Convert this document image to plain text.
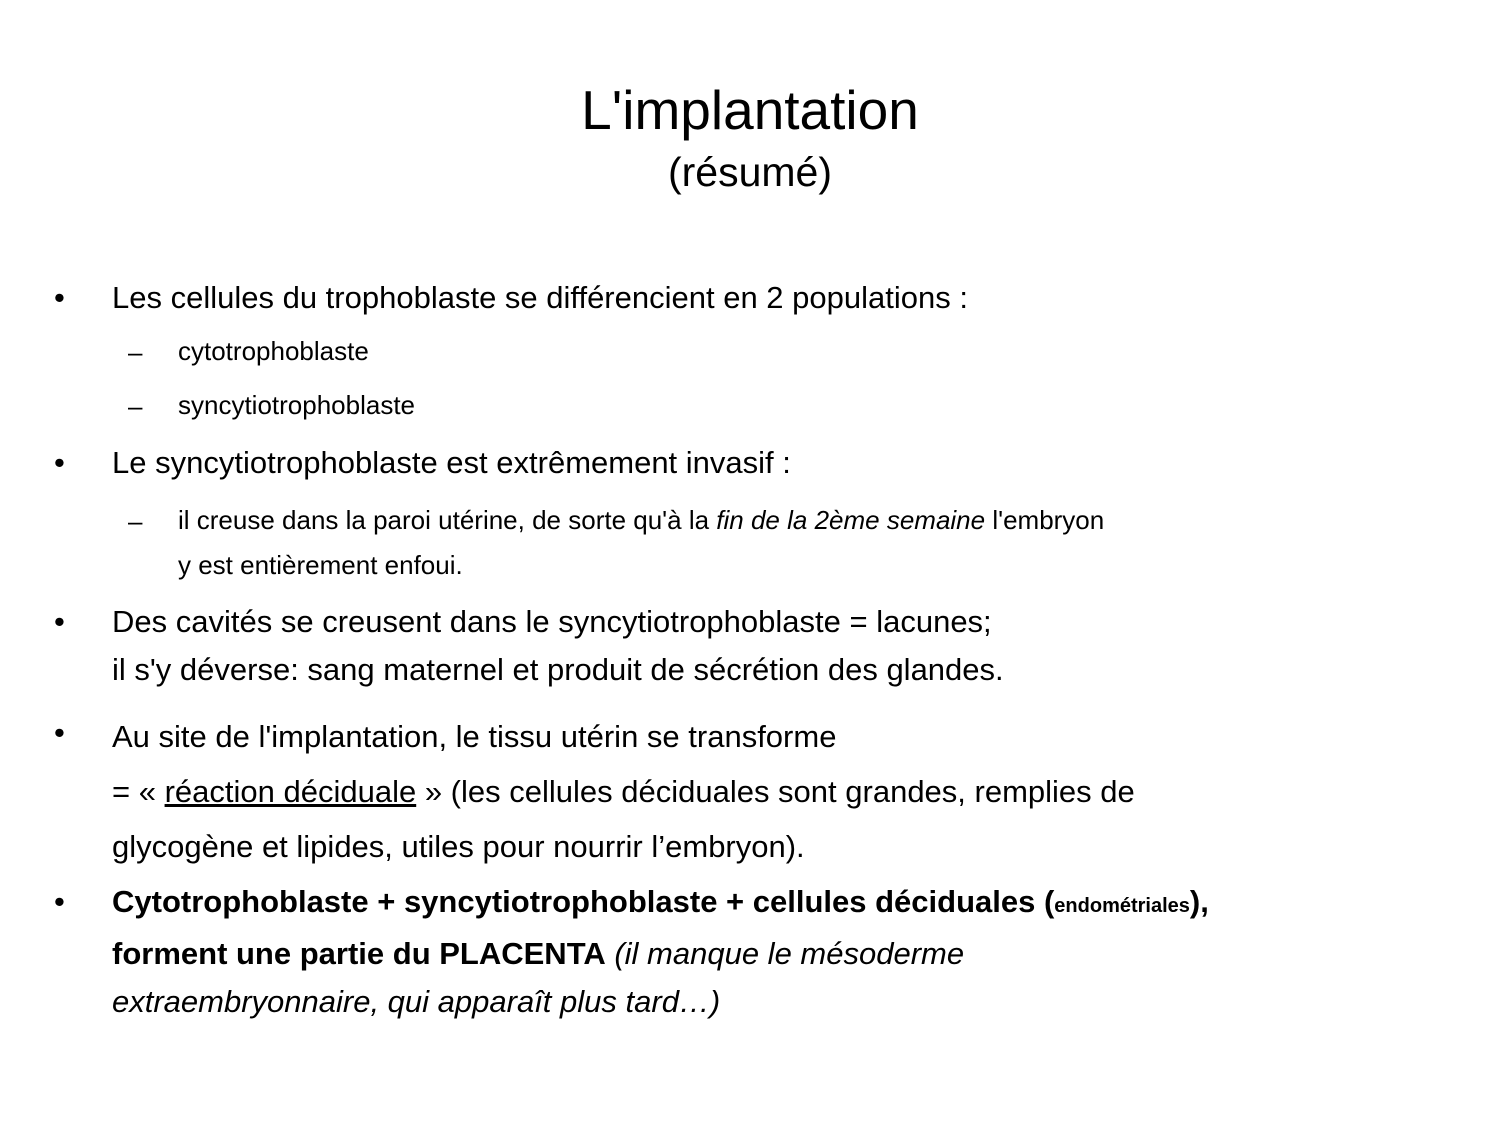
L'implantation
(résumé)
• Les cellules du trophoblaste se différencient en 2 populations :
– cytotrophoblaste
– syncytiotrophoblaste
• Le syncytiotrophoblaste est extrêmement invasif :
– il creuse dans la paroi utérine, de sorte qu'à la fin de la 2ème semaine l'embryon
y est entièrement enfoui.
• Des cavités se creusent dans le syncytiotrophoblaste = lacunes;
il s'y déverse: sang maternel et produit de sécrétion des glandes.
• Au site de l'implantation, le tissu utérin se transforme
= « réaction déciduale » (les cellules déciduales sont grandes, remplies de
glycogène et lipides, utiles pour nourrir l’embryon).
• Cytotrophoblaste + syncytiotrophoblaste + cellules déciduales (endométriales),
forment une partie du PLACENTA (il manque le mésoderme
extraembryonnaire, qui apparaît plus tard…)
